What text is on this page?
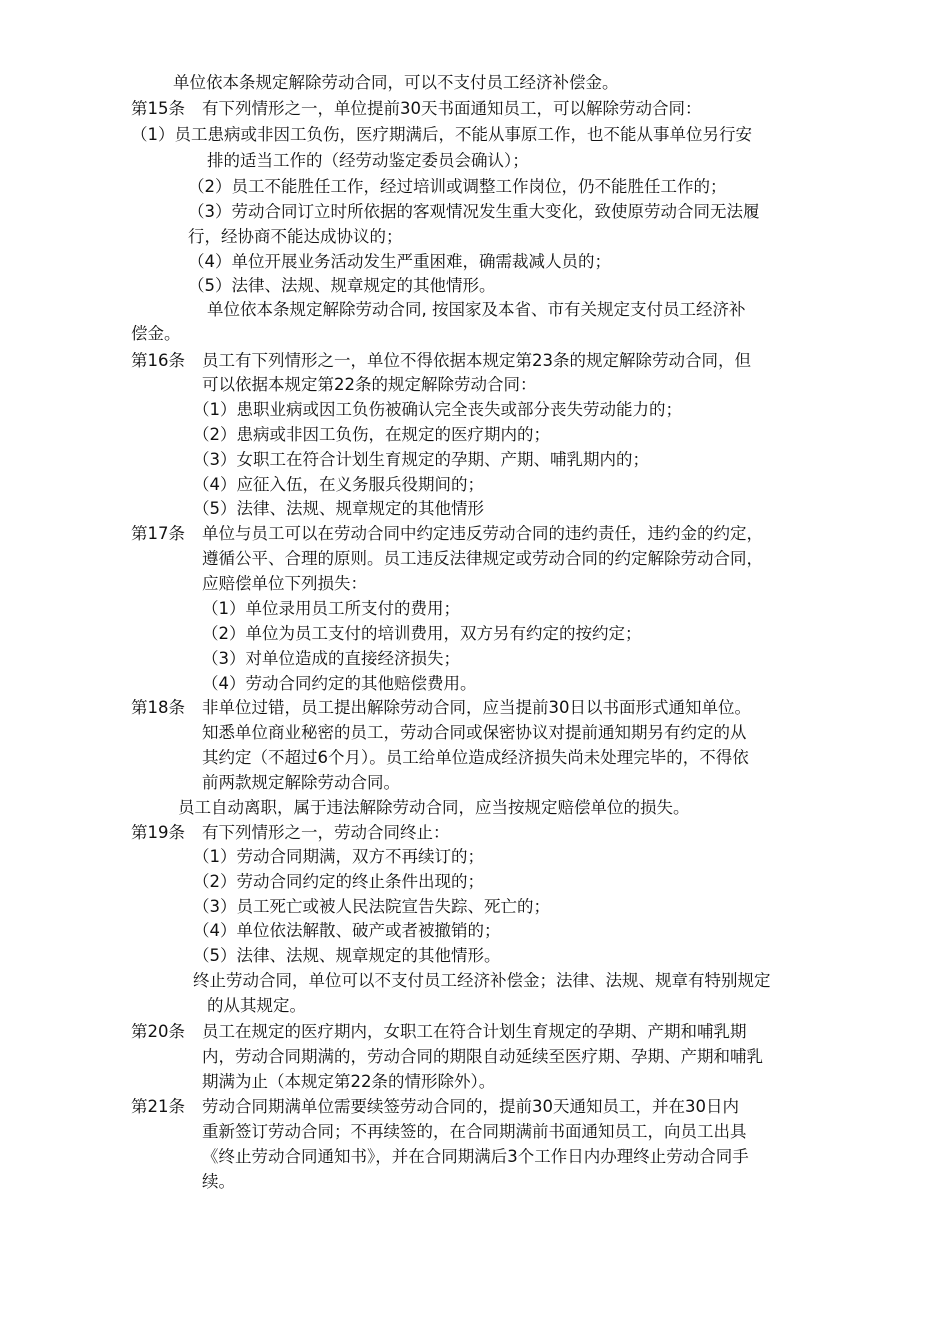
单位依本条规定解除劳动合同，可以不支付员工经济补偿金。
第15条 有下列情形之一，单位提前30天书面通知员工，可以解除劳动合同：
（1）员工患病或非因工负伤，医疗期满后，不能从事原工作，也不能从事单位另行安
排的适当工作的（经劳动鉴定委员会确认）；
（2）员工不能胜任工作，经过培训或调整工作岗位，仍不能胜任工作的；
（3）劳动合同订立时所依据的客观情况发生重大变化，致使原劳动合同无法履
行，经协商不能达成协议的；
（4）单位开展业务活动发生严重困难，确需裁减人员的；
（5）法律、法规、规章规定的其他情形。
单位依本条规定解除劳动合同, 按国家及本省、市有关规定支付员工经济补
偿金。
第16条 员工有下列情形之一，单位不得依据本规定第23条的规定解除劳动合同，但
可以依据本规定第22条的规定解除劳动合同：
（1）患职业病或因工负伤被确认完全丧失或部分丧失劳动能力的；
（2）患病或非因工负伤，在规定的医疗期内的；
（3）女职工在符合计划生育规定的孕期、产期、哺乳期内的；
（4）应征入伍，在义务服兵役期间的；
（5）法律、法规、规章规定的其他情形
第17条 单位与员工可以在劳动合同中约定违反劳动合同的违约责任，违约金的约定，
遵循公平、合理的原则。员工违反法律规定或劳动合同的约定解除劳动合同，
应赔偿单位下列损失：
（1）单位录用员工所支付的费用；
（2）单位为员工支付的培训费用，双方另有约定的按约定；
（3）对单位造成的直接经济损失；
（4）劳动合同约定的其他赔偿费用。
第18条 非单位过错，员工提出解除劳动合同，应当提前30日以书面形式通知单位。
知悉单位商业秘密的员工，劳动合同或保密协议对提前通知期另有约定的从
其约定（不超过6个月）。员工给单位造成经济损失尚未处理完毕的，不得依
前两款规定解除劳动合同。
员工自动离职，属于违法解除劳动合同，应当按规定赔偿单位的损失。
第19条 有下列情形之一，劳动合同终止：
（1）劳动合同期满，双方不再续订的；
（2）劳动合同约定的终止条件出现的；
（3）员工死亡或被人民法院宣告失踪、死亡的；
（4）单位依法解散、破产或者被撤销的；
（5）法律、法规、规章规定的其他情形。
终止劳动合同，单位可以不支付员工经济补偿金；法律、法规、规章有特别规定
的从其规定。
第20条 员工在规定的医疗期内，女职工在符合计划生育规定的孕期、产期和哺乳期
内，劳动合同期满的，劳动合同的期限自动延续至医疗期、孕期、产期和哺乳
期满为止（本规定第22条的情形除外）。
第21条 劳动合同期满单位需要续签劳动合同的，提前30天通知员工，并在30日内
重新签订劳动合同；不再续签的，在合同期满前书面通知员工，向员工出具
《终止劳动合同通知书》，并在合同期满后3个工作日内办理终止劳动合同手
续。
